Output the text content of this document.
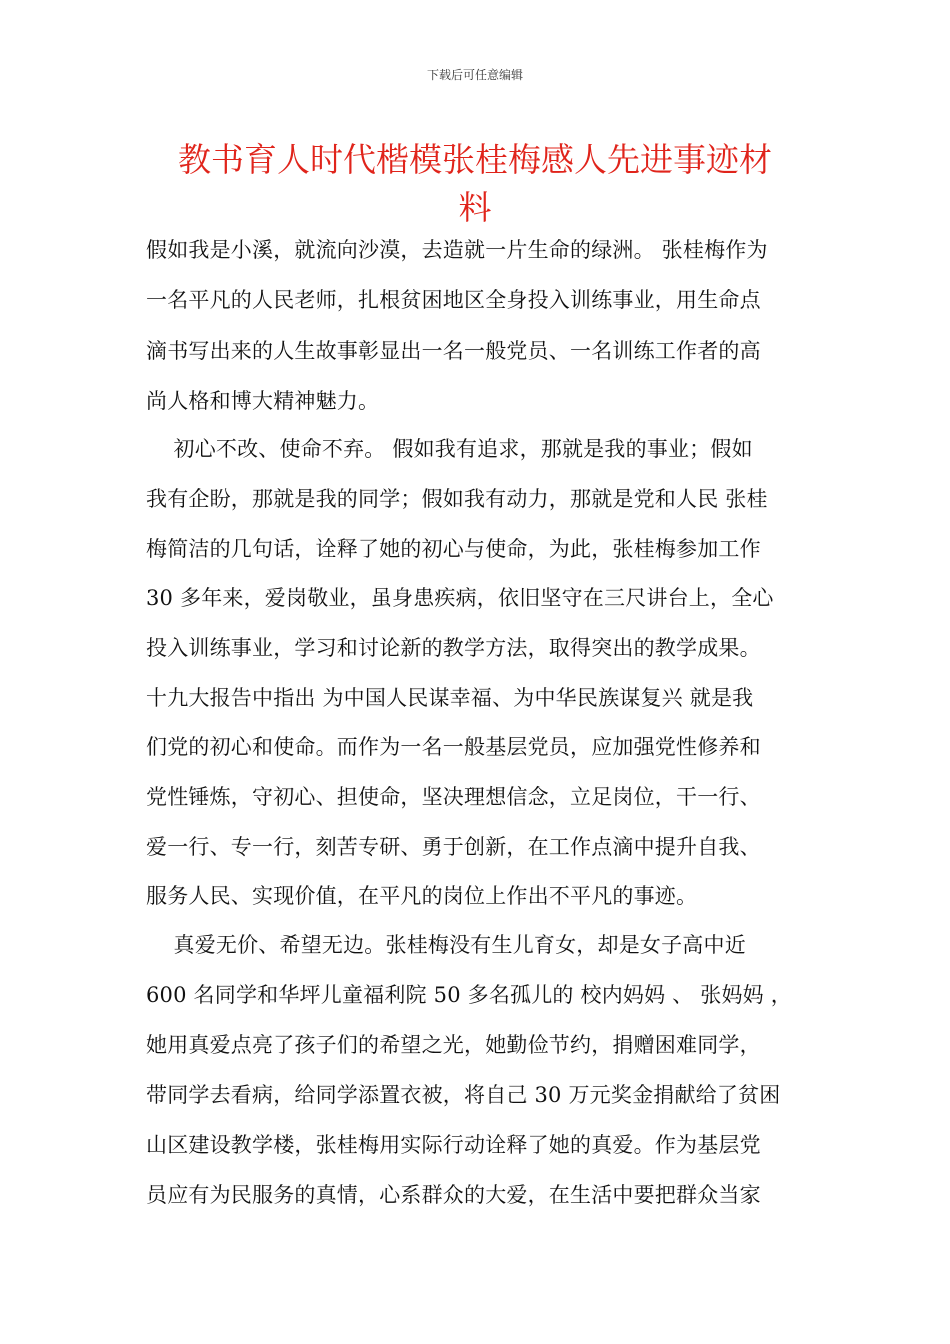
下载后可任意编辑
教书育人时代楷模张桂梅感人先进事迹材
料
假如我是小溪，就流向沙漠，去造就一片生命的绿洲。 张桂梅作为
一名平凡的人民老师，扎根贫困地区全身投入训练事业，用生命点
滴书写出来的人生故事彰显出一名一般党员、一名训练工作者的高
尚人格和博大精神魅力。
初心不改、使命不弃。 假如我有追求，那就是我的事业；假如
我有企盼，那就是我的同学；假如我有动力，那就是党和人民 张桂
梅简洁的几句话，诠释了她的初心与使命，为此，张桂梅参加工作
30 多年来，爱岗敬业，虽身患疾病，依旧坚守在三尺讲台上，全心
投入训练事业，学习和讨论新的教学方法，取得突出的教学成果。
十九大报告中指出 为中国人民谋幸福、为中华民族谋复兴 就是我
们党的初心和使命。而作为一名一般基层党员，应加强党性修养和
党性锤炼，守初心、担使命，坚决理想信念，立足岗位，干一行、
爱一行、专一行，刻苦专研、勇于创新，在工作点滴中提升自我、
服务人民、实现价值，在平凡的岗位上作出不平凡的事迹。
真爱无价、希望无边。张桂梅没有生儿育女，却是女子高中近
600 名同学和华坪儿童福利院 50 多名孤儿的 校内妈妈 、 张妈妈 ，
她用真爱点亮了孩子们的希望之光，她勤俭节约，捐赠困难同学，
带同学去看病，给同学添置衣被，将自己 30 万元奖金捐献给了贫困
山区建设教学楼，张桂梅用实际行动诠释了她的真爱。作为基层党
员应有为民服务的真情，心系群众的大爱，在生活中要把群众当家
